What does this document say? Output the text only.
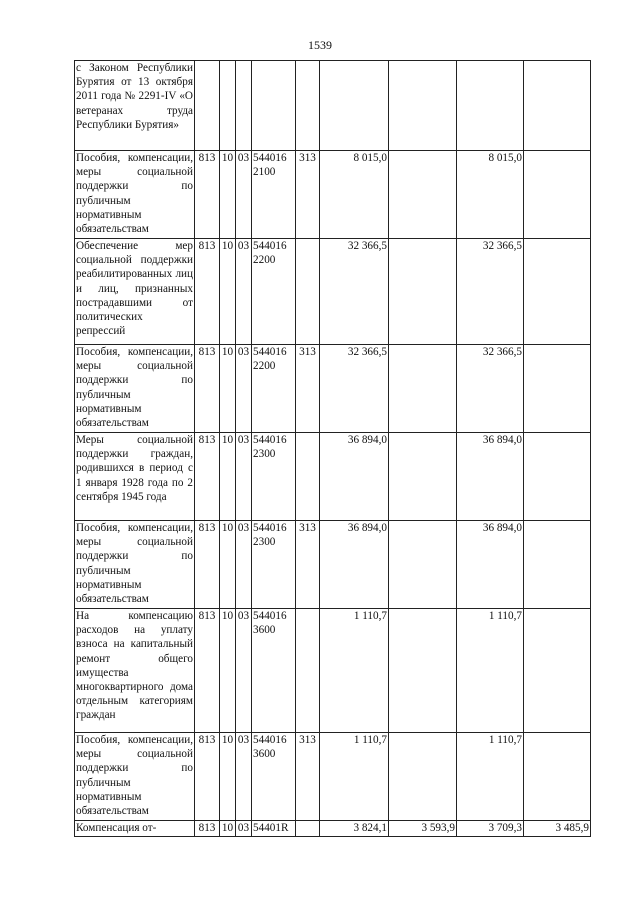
1539
с Законом Республики Бурятия от 13 октября 2011 года № 2291-IV «О ветеранах труда Республики Бурятия»									
Пособия, компенсации, меры социальной поддержки по публичным нормативным обязательствам	813	10	03	544016 2100	313	8 015,0		8 015,0	
Обеспечение мер социальной поддержки реабилитированных лиц и лиц, признанных пострадавшими от политических репрессий	813	10	03	544016 2200		32 366,5		32 366,5	
Пособия, компенсации, меры социальной поддержки по публичным нормативным обязательствам	813	10	03	544016 2200	313	32 366,5		32 366,5	
Меры социальной поддержки граждан, родившихся в период с 1 января 1928 года по 2 сентября 1945 года	813	10	03	544016 2300		36 894,0		36 894,0	
Пособия, компенсации, меры социальной поддержки по публичным нормативным обязательствам	813	10	03	544016 2300	313	36 894,0		36 894,0	
На компенсацию расходов на уплату взноса на капитальный ремонт общего имущества многоквартирного дома отдельным категориям граждан	813	10	03	544016 3600		1 110,7		1 110,7	
Пособия, компенсации, меры социальной поддержки по публичным нормативным обязательствам	813	10	03	544016 3600	313	1 110,7		1 110,7	
Компенсация от-	813	10	03	54401R		3 824,1	3 593,9	3 709,3	3 485,9
